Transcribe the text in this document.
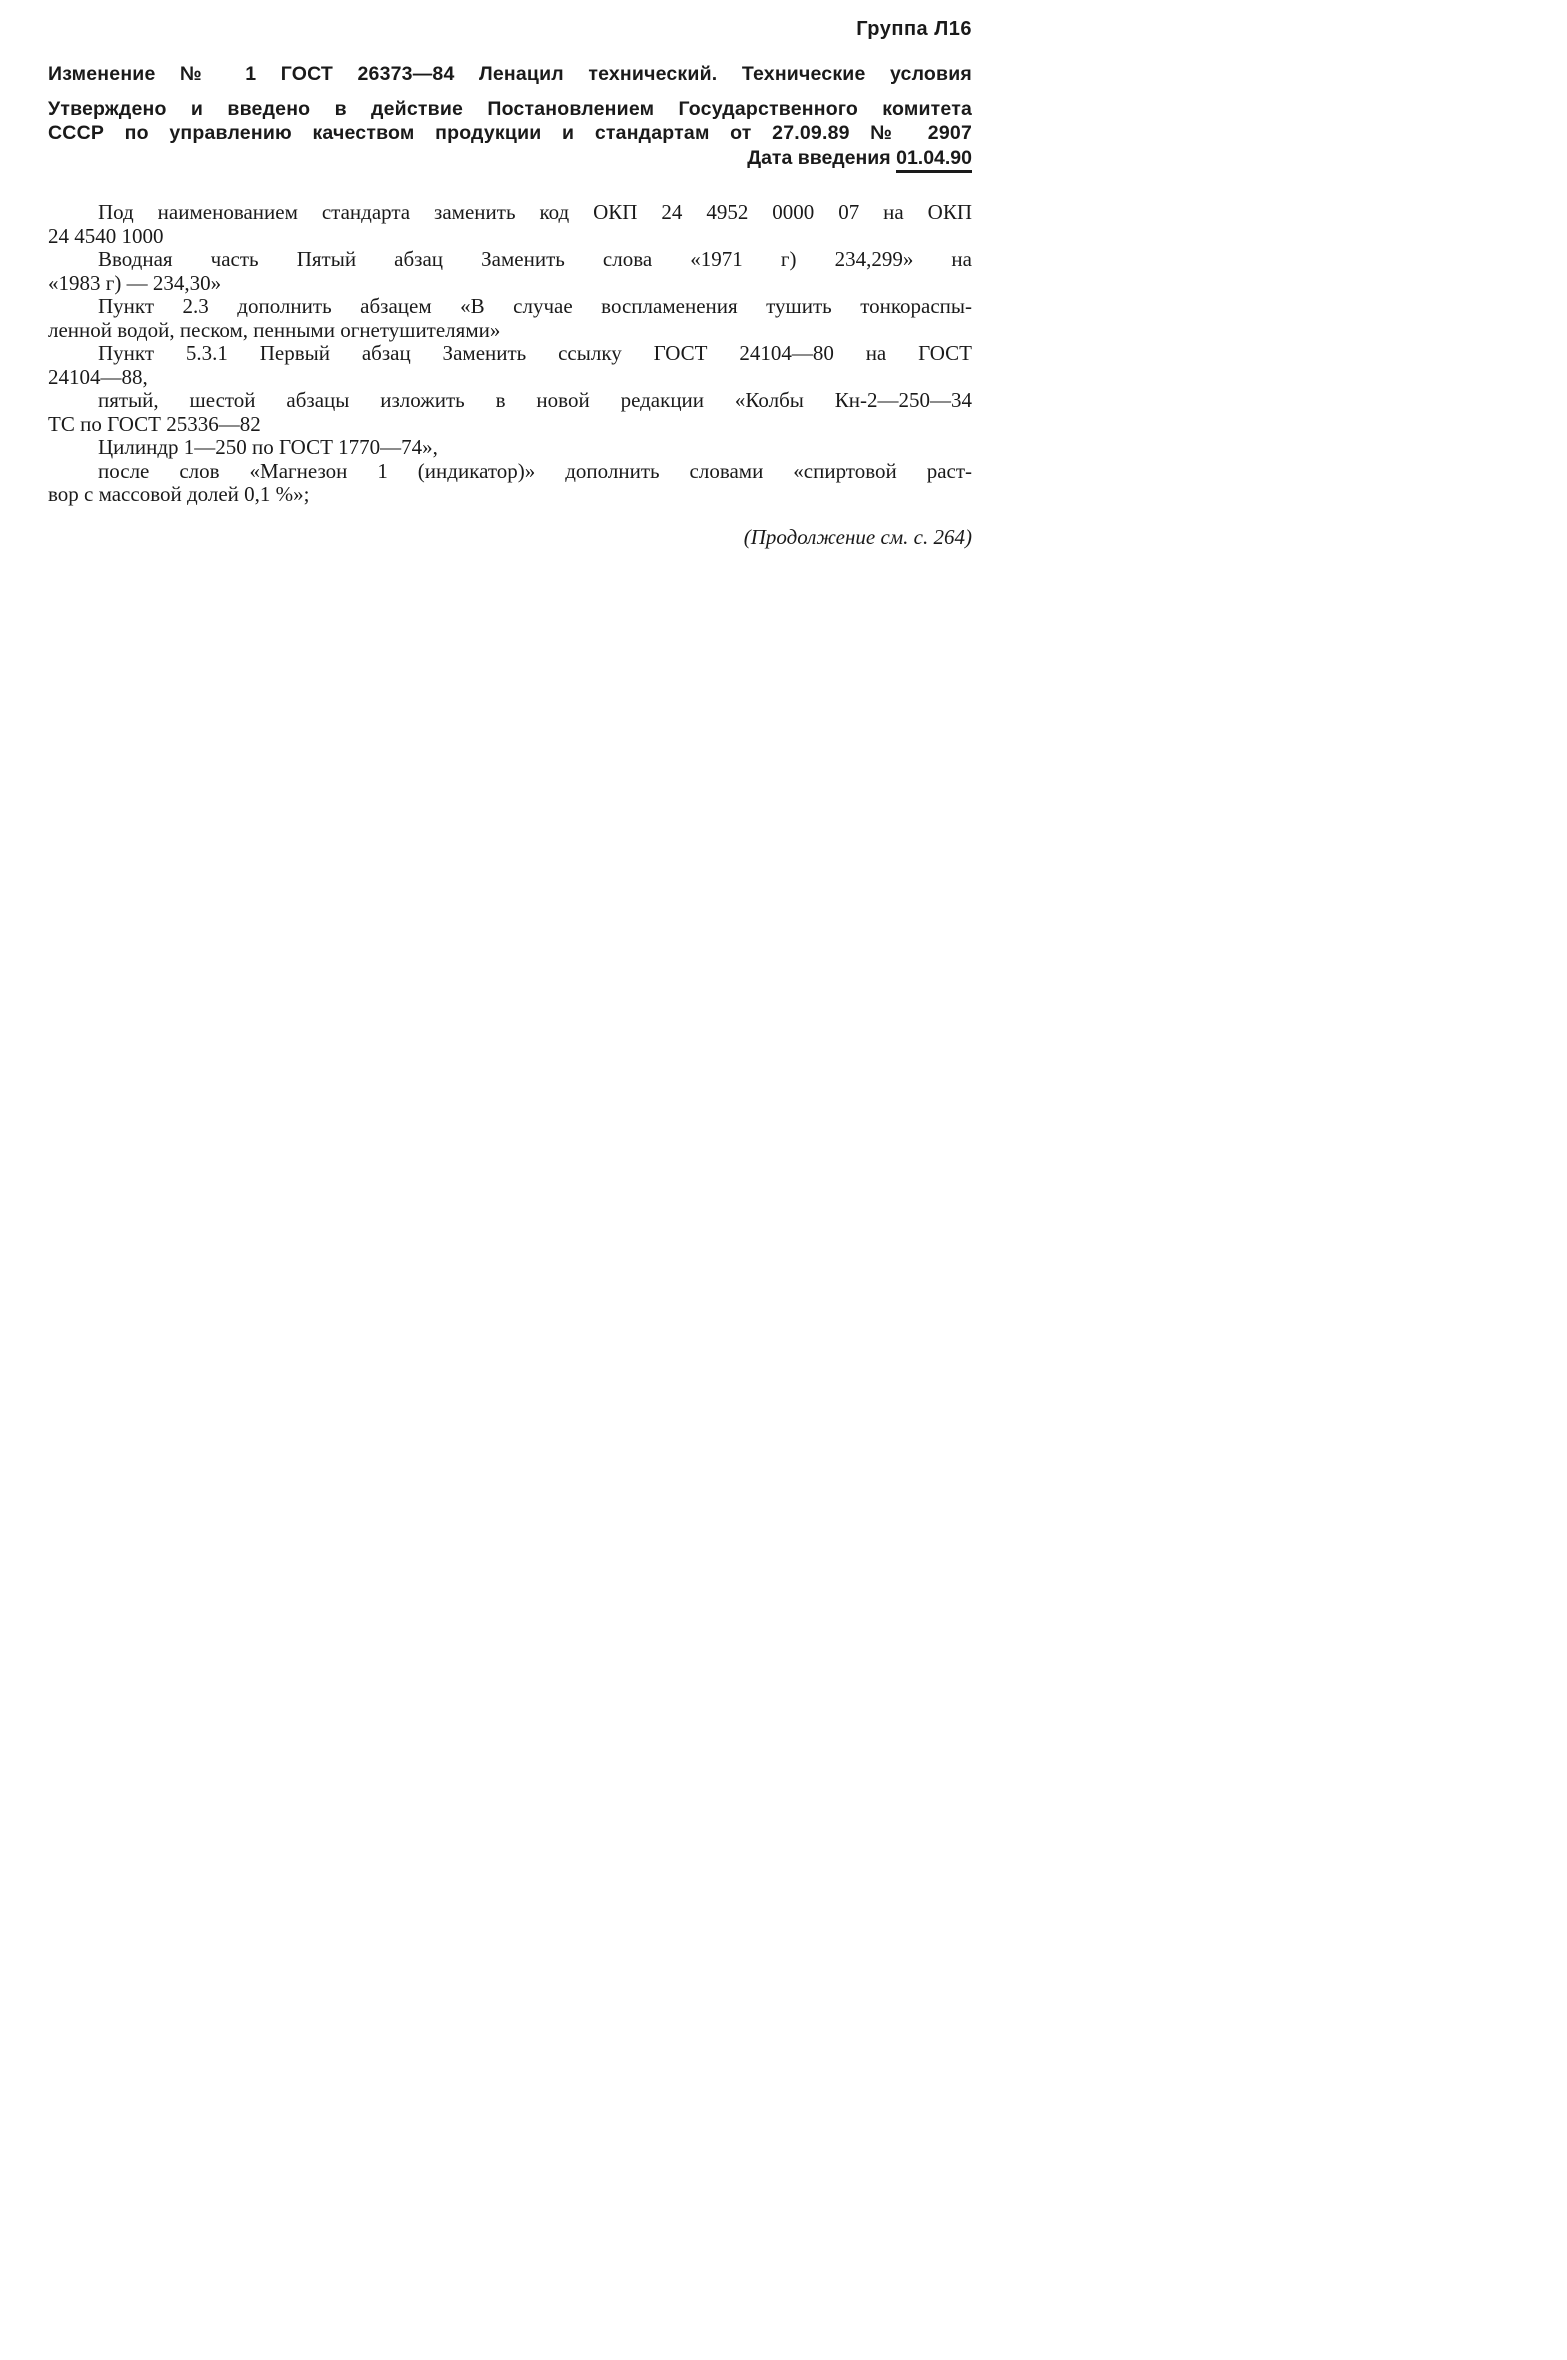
Группа Л16
Изменение № 1 ГОСТ 26373—84 Ленацил технический. Технические условия
Утверждено и введено в действие Постановлением Государственного комитета
СССР по управлению качеством продукции и стандартам от 27.09.89 № 2907
Дата введения 01.04.90
Под наименованием стандарта заменить код ОКП 24 4952 0000 07 на ОКП
24 4540 1000
Вводная часть Пятый абзац Заменить слова «1971 г) 234,299» на
«1983 г) — 234,30»
Пункт 2.3 дополнить абзацем «В случае воспламенения тушить тонкораспы-
ленной водой, песком, пенными огнетушителями»
Пункт 5.3.1 Первый абзац Заменить ссылку ГОСТ 24104—80 на ГОСТ
24104—88,
пятый, шестой абзацы изложить в новой редакции «Колбы Кн-2—250—34
ТС по ГОСТ 25336—82
Цилиндр 1—250 по ГОСТ 1770—74»,
после слов «Магнезон 1 (индикатор)» дополнить словами «спиртовой раст-
вор с массовой долей 0,1 %»;
(Продолжение см. с. 264)
